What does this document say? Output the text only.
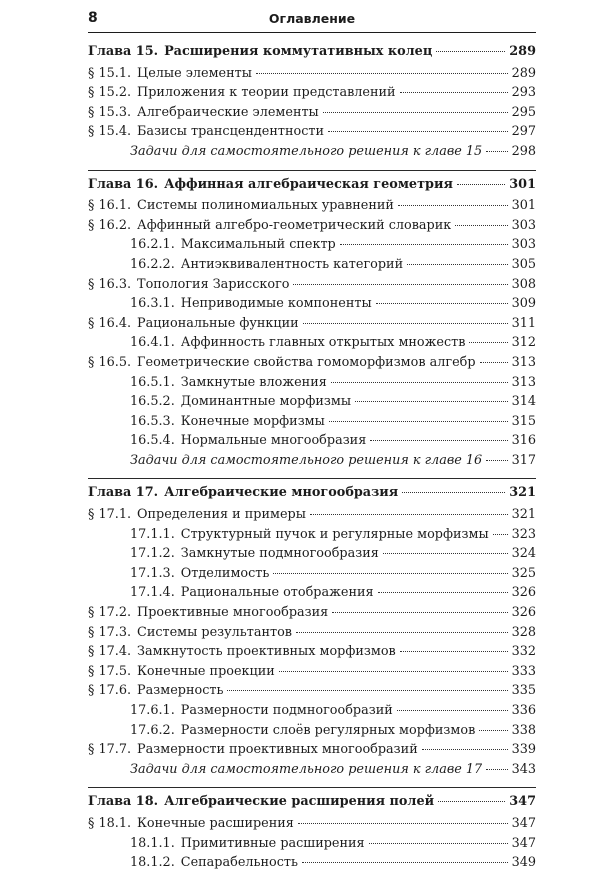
8	Оглавление
Глава 15. Расширения коммутативных колец	289
§ 15.1. Целые элементы	289
§ 15.2. Приложения к теории представлений	293
§ 15.3. Алгебраические элементы	295
§ 15.4. Базисы трансцендентности	297
Задачи для самостоятельного решения к главе 15 298
Глава 16. Аффинная алгебраическая геометрия	301
§ 16.1. Системы полиномиальных уравнений	301
§ 16.2. Аффинный алгебро-геометрический словарик	303
16.2.1. Максимальный спектр	303
16.2.2. Антиэквивалентность категорий	305
§ 16.3. Топология Зарисского	308
16.3.1. Неприводимые компоненты	309
§ 16.4. Рациональные функции	311
16.4.1. Аффинность главных открытых множеств	312
§ 16.5. Геометрические свойства гомоморфизмов алгебр	313
16.5.1. Замкнутые вложения	313
16.5.2. Доминантные морфизмы	314
16.5.3. Конечные морфизмы	315
16.5.4. Нормальные многообразия	316
Задачи для самостоятельного решения к главе 16 317
Глава 17. Алгебраические многообразия	321
§ 17.1. Определения и примеры	321
17.1.1. Структурный пучок и регулярные морфизмы 323
17.1.2. Замкнутые подмногообразия	324
17.1.3. Отделимость	325
17.1.4. Рациональные отображения	326
§ 17.2. Проективные многообразия	326
§ 17.3. Системы результантов	328
§ 17.4. Замкнутость проективных морфизмов	332
§ 17.5. Конечные проекции	333
§ 17.6. Размерность	335
17.6.1. Размерности подмногообразий	336
17.6.2. Размерности слоёв регулярных морфизмов	338
§ 17.7. Размерности проективных многообразий	339
Задачи для самостоятельного решения к главе 17 343
Глава 18. Алгебраические расширения полей	347
§ 18.1. Конечные расширения	347
18.1.1. Примитивные расширения	347
18.1.2. Сепарабельность	349
